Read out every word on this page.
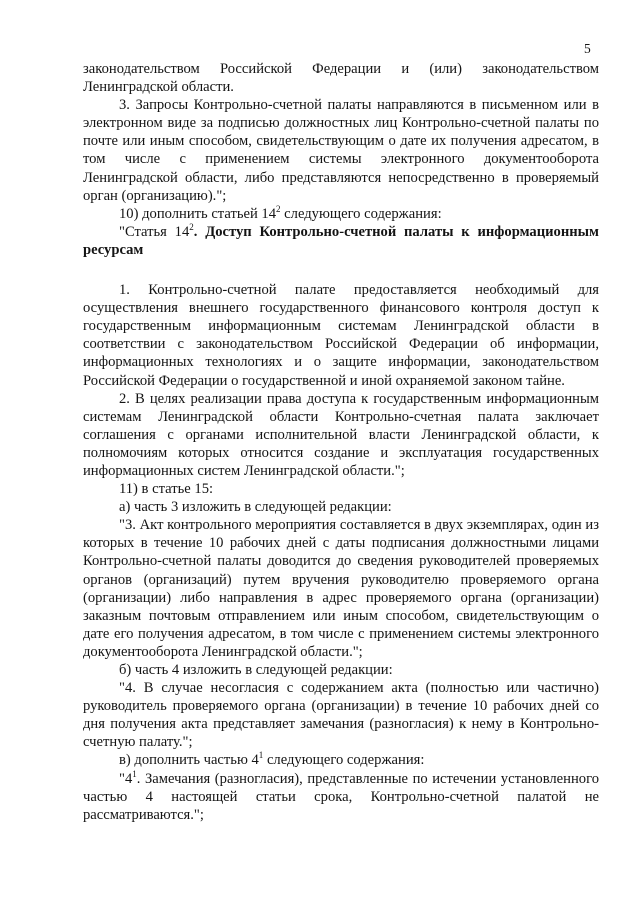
5

законодательством Российской Федерации и (или) законодательством Ленинградской области.

3. Запросы Контрольно-счетной палаты направляются в письменном или в электронном виде за подписью должностных лиц Контрольно-счетной палаты по почте или иным способом, свидетельствующим о дате их получения адресатом, в том числе с применением системы электронного документооборота Ленинградской области, либо представляются непосредственно в проверяемый орган (организацию).";

10) дополнить статьей $14^2$ следующего содержания:

"Статья $14^2$. Доступ Контрольно-счетной палаты к информационным ресурсам

1. Контрольно-счетной палате предоставляется необходимый для осуществления внешнего государственного финансового контроля доступ к государственным информационным системам Ленинградской области в соответствии с законодательством Российской Федерации об информации, информационных технологиях и о защите информации, законодательством Российской Федерации о государственной и иной охраняемой законом тайне.

2. В целях реализации права доступа к государственным информационным системам Ленинградской области Контрольно-счетная палата заключает соглашения с органами исполнительной власти Ленинградской области, к полномочиям которых относится создание и эксплуатация государственных информационных систем Ленинградской области.";

11) в статье 15:

а) часть 3 изложить в следующей редакции:

"3. Акт контрольного мероприятия составляется в двух экземплярах, один из которых в течение 10 рабочих дней с даты подписания должностными лицами Контрольно-счетной палаты доводится до сведения руководителей проверяемых органов (организаций) путем вручения руководителю проверяемого органа (организации) либо направления в адрес проверяемого органа (организации) заказным почтовым отправлением или иным способом, свидетельствующим о дате его получения адресатом, в том числе с применением системы электронного документооборота Ленинградской области.";

б) часть 4 изложить в следующей редакции:

"4. В случае несогласия с содержанием акта (полностью или частично) руководитель проверяемого органа (организации) в течение 10 рабочих дней со дня получения акта представляет замечания (разногласия) к нему в Контрольно-счетную палату.";

в) дополнить частью $4^1$ следующего содержания:

"$4^1$. Замечания (разногласия), представленные по истечении установленного частью 4 настоящей статьи срока, Контрольно-счетной палатой не рассматриваются.";
